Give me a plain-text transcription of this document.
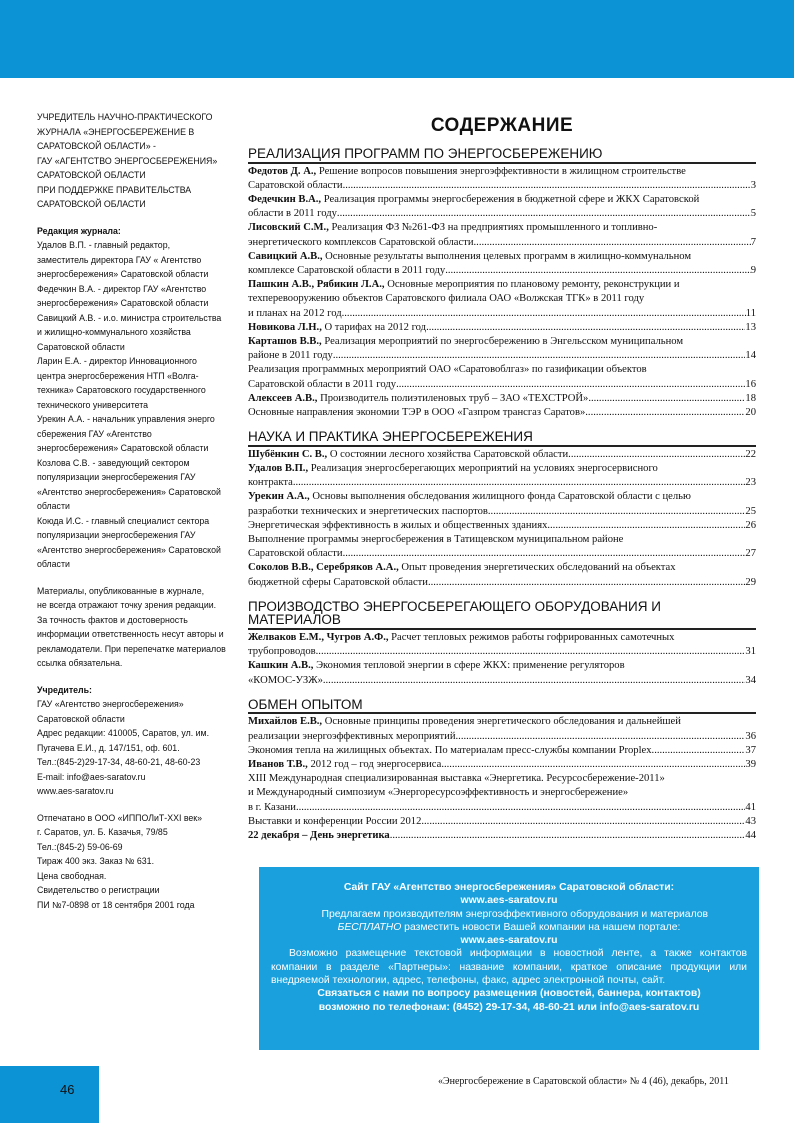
УЧРЕДИТЕЛЬ НАУЧНО-ПРАКТИЧЕСКОГО

ЖУРНАЛА «ЭНЕРГОСБЕРЕЖЕНИЕ В

САРАТОВСКОЙ ОБЛАСТИ» -

ГАУ «АГЕНТСТВО ЭНЕРГОСБЕРЕЖЕНИЯ»

САРАТОВСКОЙ ОБЛАСТИ

ПРИ ПОДДЕРЖКЕ ПРАВИТЕЛЬСТВА

САРАТОВСКОЙ ОБЛАСТИ

Редакция журнала:

Удалов В.П. - главный редактор,

заместитель директора ГАУ « Агентство

энергосбережения» Саратовской области

Федечкин В.А. - директор ГАУ «Агентство

энергосбережения» Саратовской области

Савицкий А.В. - и.о. министра строительства

и жилищно-коммунального хозяйства

Саратовской области

Ларин Е.А. - директор Инновационного

центра энергосбережения НТП «Волга-

техника» Саратовского государственного

технического университета

Урекин А.А. - начальник управления энерго

сбережения ГАУ «Агентство

энергосбережения» Саратовской области

Козлова С.В. - заведующий сектором

популяризации энергосбережения ГАУ

«Агентство энергосбережения» Саратовской

области

Коюда И.С. - главный специалист сектора

популяризации энергосбережения ГАУ

«Агентство энергосбережения» Саратовской

области

Материалы, опубликованные в журнале,

не всегда отражают точку зрения редакции.

За точность фактов и достоверность

информации ответственность несут авторы и

рекламодатели. При перепечатке материалов

ссылка обязательна.

Учредитель:

ГАУ «Агентство энергосбережения»

Саратовской области

Адрес редакции: 410005, Саратов, ул. им.

Пугачева Е.И., д. 147/151, оф. 601.

Тел.:(845-2)29-17-34, 48-60-21, 48-60-23

E-mail: info@aes-saratov.ru

www.aes-saratov.ru

Отпечатано в ООО «ИППОЛиТ-XXI век»

г. Саратов, ул. Б. Казачья, 79/85

Тел.:(845-2) 59-06-69

Тираж 400 экз. Заказ № 631.

Цена свободная.

Свидетельство о регистрации

ПИ №7-0898 от 18 сентября 2001 года

СОДЕРЖАНИЕ
РЕАЛИЗАЦИЯ ПРОГРАММ ПО ЭНЕРГОСБЕРЕЖЕНИЮ
Федотов Д. А., Решение вопросов повышения энергоэффективности в жилищном строительстве
Саратовской области .....	3
Федечкин В.А., Реализация программы энергосбережения в бюджетной сфере и ЖКХ Саратовской
области в 2011 году .....	5
Лисовский С.М., Реализация ФЗ №261-ФЗ на предприятиях промышленного и топливно-
энергетического комплексов Саратовской области .....	7
Савицкий А.В., Основные результаты выполнения целевых программ в жилищно-коммунальном
комплексе Саратовской области в 2011 году .....	9
Пашкин А.В., Рябикин Л.А., Основные мероприятия по плановому ремонту, реконструкции и
техперевооружению объектов Саратовского филиала ОАО «Волжская ТГК» в 2011 году
и планах на 2012 год .....	11
Новикова Л.Н., О тарифах на 2012 год .....	13
Карташов В.В., Реализация мероприятий по энергосбережению в Энгельсском муниципальном
районе в 2011 году .....	14
Реализация программных мероприятий ОАО «Саратовоблгаз» по газификации объектов
Саратовской области в 2011 году .....	16
Алексеев А.В., Производитель полиэтиленовых труб – ЗАО «ТЕХСТРОЙ» .....	18
Основные направления экономии ТЭР в ООО «Газпром трансгаз Саратов» .....	20
НАУКА И ПРАКТИКА ЭНЕРГОСБЕРЕЖЕНИЯ
Шубёнкин С. В., О состоянии лесного хозяйства Саратовской области .....	22
Удалов В.П., Реализация энергосберегающих мероприятий на условиях энергосервисного
контракта .....	23
Урекин А.А., Основы выполнения обследования жилищного фонда Саратовской области с целью
разработки технических и энергетических паспортов .....	25
Энергетическая эффективность в жилых и общественных зданиях .....	26
Выполнение программы энергосбережения в Татищевском муниципальном районе
Саратовской области .....	27
Соколов В.В., Серебряков А.А., Опыт проведения энергетических обследований на объектах
бюджетной сферы Саратовской области .....	29
ПРОИЗВОДСТВО ЭНЕРГОСБЕРЕГАЮЩЕГО ОБОРУДОВАНИЯ И МАТЕРИАЛОВ
Желваков Е.М., Чугров А.Ф., Расчет тепловых режимов работы гофрированных самотечных
трубопроводов .....	31
Кашкин А.В., Экономия тепловой энергии в сфере ЖКХ: применение регуляторов
«КОМОС-УЗЖ» .....	34
ОБМЕН ОПЫТОМ
Михайлов Е.В., Основные принципы проведения энергетического обследования и дальнейшей
реализации энергоэффективных мероприятий .....	36
Экономия тепла на жилищных объектах. По материалам пресс-службы компании Proplex .....	37
Иванов Т.В., 2012 год – год энергосервиса .....	39
XIII Международная специализированная выставка «Энергетика. Ресурсосбережение-2011»
и Международный симпозиум «Энергоресурсоэффективность и энергосбережение»
в г. Казани .....	41
Выставки и конференции России 2012 .....	43
22 декабря – День энергетика .....	44
Сайт ГАУ «Агентство энергосбережения» Саратовской области:
www.aes-saratov.ru
Предлагаем производителям энергоэффективного оборудования и материалов
БЕСПЛАТНО разместить новости Вашей компании на нашем портале:
www.aes-saratov.ru
Возможно размещение текстовой информации в новостной ленте, а также контактов компании в разделе «Партнеры»: название компании, краткое описание продукции или внедряемой технологии, адрес, телефоны, факс, адрес электронной почты, сайт.
Связаться с нами по вопросу размещения (новостей, баннера, контактов)
возможно по телефонам: (8452) 29-17-34, 48-60-21 или info@aes-saratov.ru
46
«Энергосбережение в Саратовской области» № 4 (46), декабрь, 2011
